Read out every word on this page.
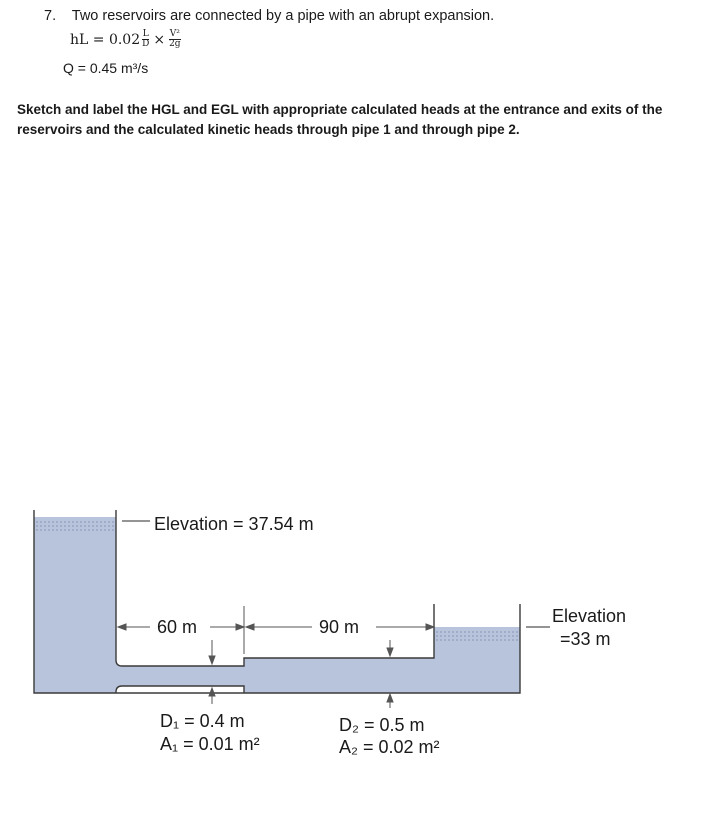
7. Two reservoirs are connected by a pipe with an abrupt expansion.
hL = $0.02 \frac{L}{D} \times \frac{\text{V²}}{2g}$
Q = 0.45 m³/s
Sketch and label the HGL and EGL with appropriate calculated heads at the entrance and exits of the reservoirs and the calculated kinetic heads through pipe 1 and through pipe 2.
Elevation = 37.54 m
60 m	90 m
Elevation
=33 m
D₁ = 0.4 m
A₁ = 0.01 m²
D₂ = 0.5 m
A₂ = 0.02 m²
